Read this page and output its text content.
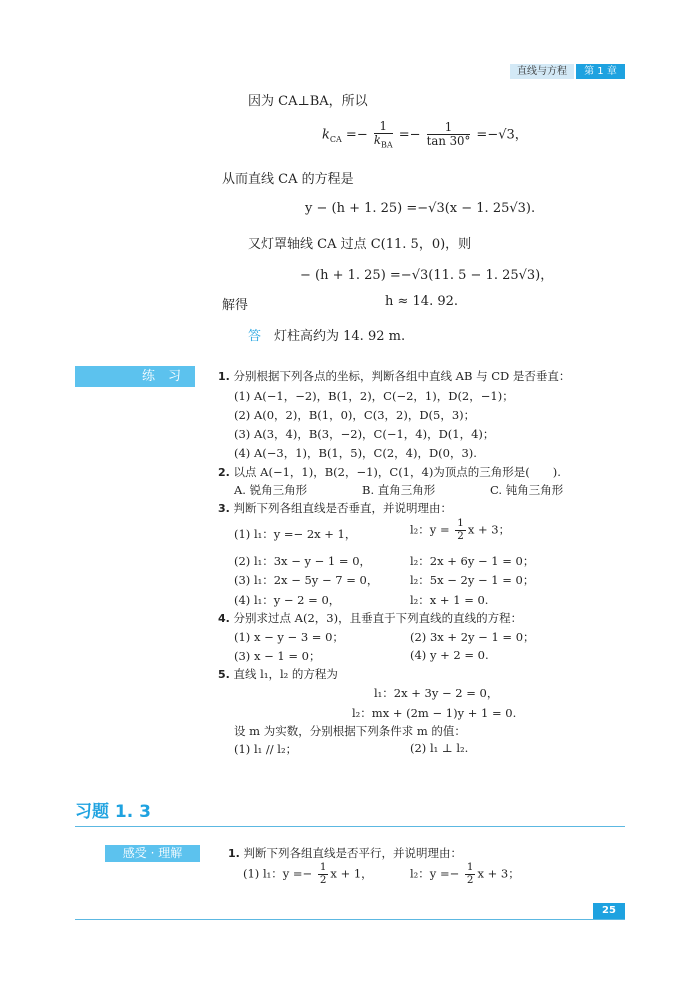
直线与方程	第 1 章
因为 CA⊥BA，所以
$k_{CA} =- \frac{1}{k_{BA}} =- \frac{1}{\tan 30^\circ} =-√3$，
从而直线 CA 的方程是
y − (h + 1. 25) =−√3(x − 1. 25√3).
又灯罩轴线 CA 过点 C(11. 5，0)，则
− (h + 1. 25) =−√3(11. 5 − 1. 25√3)，
解得	h ≈ 14. 92.
答 灯柱高约为 14. 92 m.
练　习	1. 分别根据下列各点的坐标，判断各组中直线 AB 与 CD 是否垂直：
(1) A(−1，−2)，B(1，2)，C(−2，1)，D(2，−1)；
(2) A(0，2)，B(1，0)，C(3，2)，D(5，3)；
(3) A(3，4)，B(3，−2)，C(−1，4)，D(1，4)；
(4) A(−3，1)，B(1，5)，C(2，4)，D(0，3).
2. 以点 A(−1，1)，B(2，−1)，C(1，4)为顶点的三角形是(　　).
A. 锐角三角形	B. 直角三角形	C. 钝角三角形
3. 判断下列各组直线是否垂直，并说明理由：
(1) l₁：y =− 2x + 1，	l₂：$y = \frac{1}{2}$ x + 3；
(2) l₁：3x − y − 1 = 0，	l₂：2x + 6y − 1 = 0；
(3) l₁：2x − 5y − 7 = 0，	l₂：5x − 2y − 1 = 0；
(4) l₁：y − 2 = 0，	l₂：x + 1 = 0.
4. 分别求过点 A(2，3)，且垂直于下列直线的直线的方程：
(1) x − y − 3 = 0；	(2) 3x + 2y − 1 = 0；
(3) x − 1 = 0；	(4) y + 2 = 0.
5. 直线 l₁，l₂ 的方程为
l₁：2x + 3y − 2 = 0，
l₂：mx + (2m − 1)y + 1 = 0.
设 m 为实数，分别根据下列条件求 m 的值：
(1) l₁ // l₂；	(2) l₁ ⊥ l₂.
习题 1. 3
感受 · 理解	1. 判断下列各组直线是否平行，并说明理由：
(1) l₁：$y =- \frac{1}{2}$ x + 1，	l₂：$y =- \frac{1}{2}$ x + 3；
25
